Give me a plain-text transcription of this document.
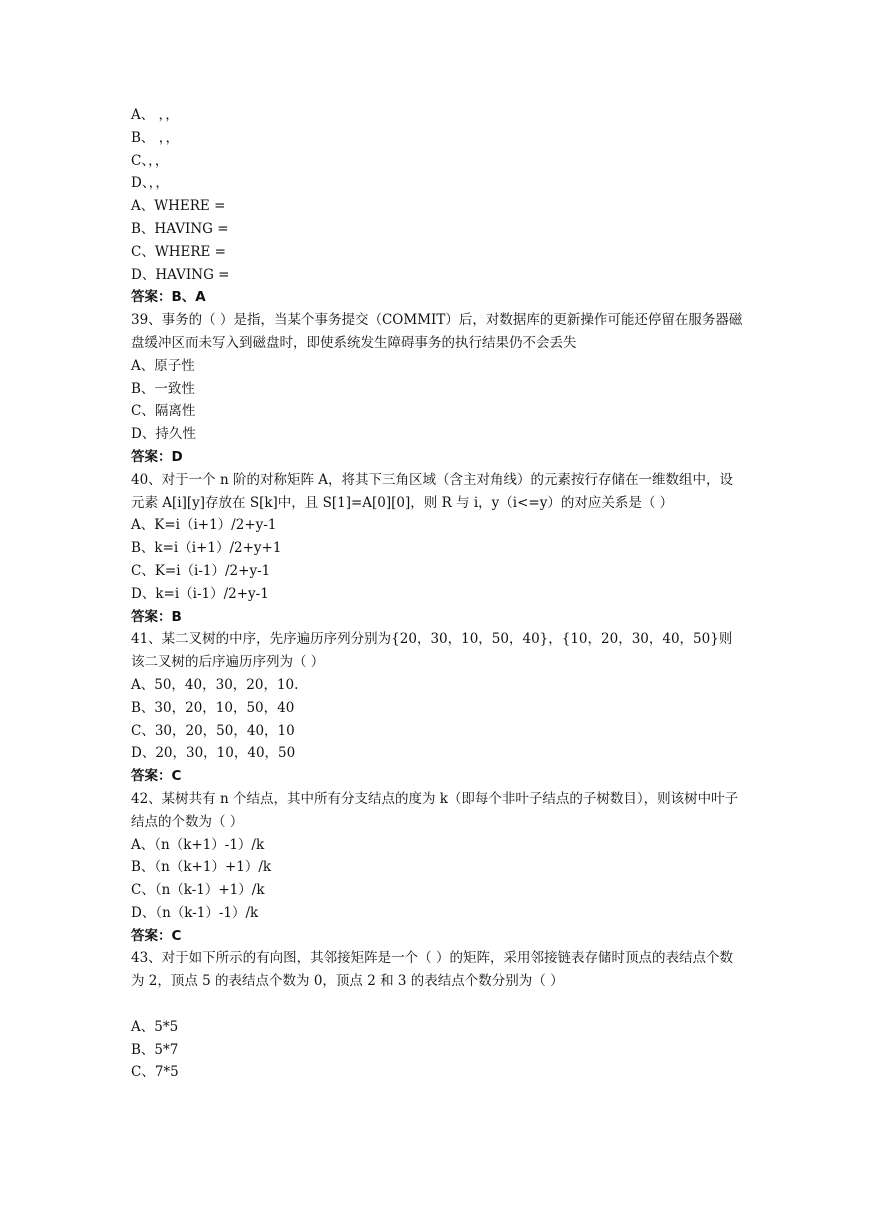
A、 ，，

B、 ，，

C、，，

D、，，

A、WHERE =

B、HAVING =

C、WHERE =

D、HAVING =

答案：B、A

39、事务的（ ）是指，当某个事务提交（COMMIT）后，对数据库的更新操作可能还停留在服务器磁盘缓冲区而未写入到磁盘时，即使系统发生障碍事务的执行结果仍不会丢失

A、原子性

B、一致性

C、隔离性

D、持久性

答案：D

40、对于一个 n 阶的对称矩阵 A，将其下三角区域（含主对角线）的元素按行存储在一维数组中，设元素 A[i][y]存放在 S[k]中，且 S[1]=A[0][0]，则 R 与 i，y（i<=y）的对应关系是（ ）

A、K=i（i+1）/2+y-1

B、k=i（i+1）/2+y+1

C、K=i（i-1）/2+y-1

D、k=i（i-1）/2+y-1

答案：B

41、某二叉树的中序，先序遍历序列分别为{20，30，10，50，40}，{10，20，30，40，50}则该二叉树的后序遍历序列为（ ）

A、50，40，30，20，10.

B、30，20，10，50，40

C、30，20，50，40，10

D、20，30，10，40，50

答案：C

42、某树共有 n 个结点，其中所有分支结点的度为 k（即每个非叶子结点的子树数目），则该树中叶子结点的个数为（ ）

A、（n（k+1）-1）/k

B、（n（k+1）+1）/k

C、（n（k-1）+1）/k

D、（n（k-1）-1）/k

答案：C

43、对于如下所示的有向图，其邻接矩阵是一个（ ）的矩阵，采用邻接链表存储时顶点的表结点个数为 2，顶点 5 的表结点个数为 0，顶点 2 和 3 的表结点个数分别为（ ）

A、5*5

B、5*7

C、7*5
